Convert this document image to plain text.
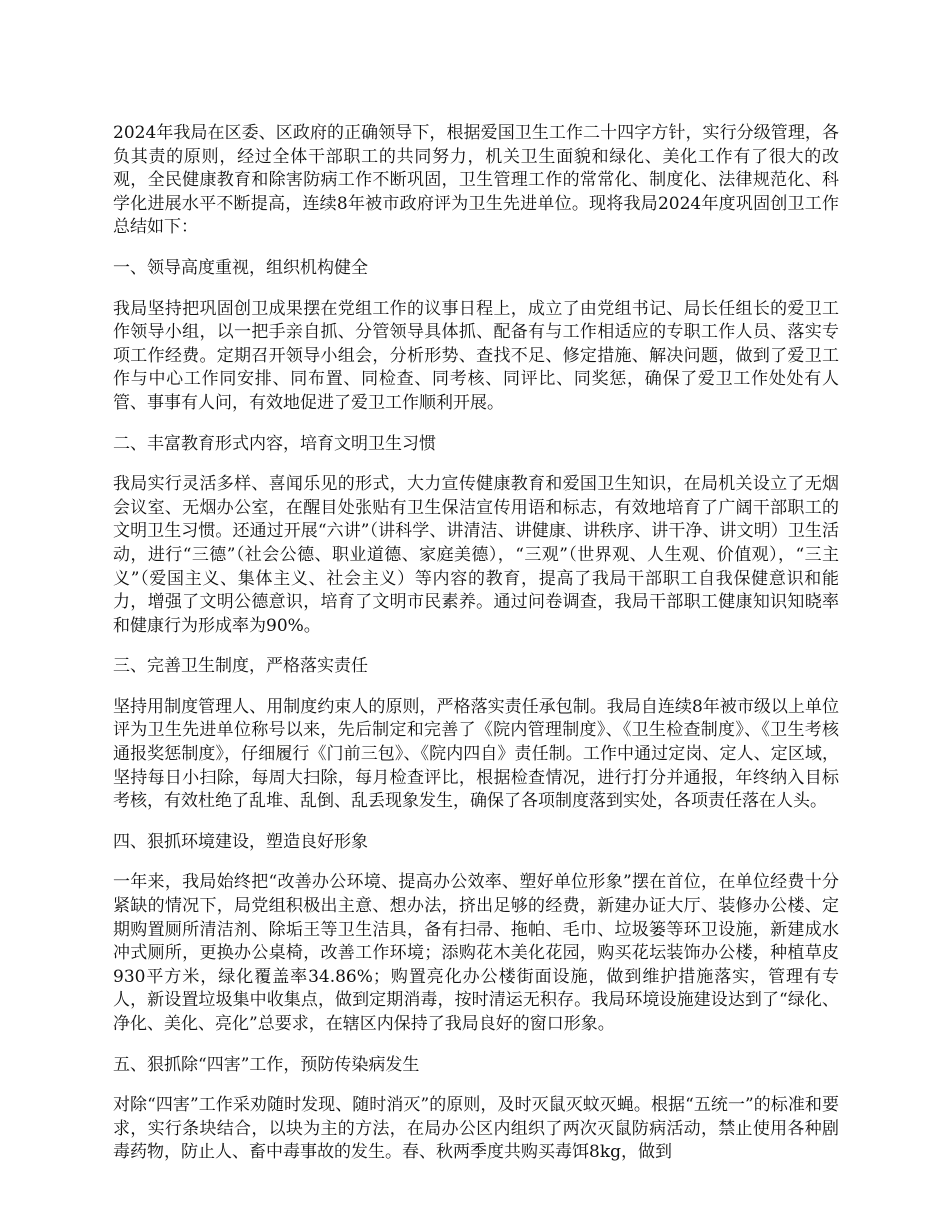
2024年我局在区委、区政府的正确领导下，根据爱国卫生工作二十四字方针，实行分级管理，各负其责的原则，经过全体干部职工的共同努力，机关卫生面貌和绿化、美化工作有了很大的改观，全民健康教育和除害防病工作不断巩固，卫生管理工作的常常化、制度化、法律规范化、科学化进展水平不断提高，连续8年被市政府评为卫生先进单位。现将我局2024年度巩固创卫工作总结如下：

一、领导高度重视，组织机构健全

我局坚持把巩固创卫成果摆在党组工作的议事日程上，成立了由党组书记、局长任组长的爱卫工作领导小组，以一把手亲自抓、分管领导具体抓、配备有与工作相适应的专职工作人员、落实专项工作经费。定期召开领导小组会，分析形势、查找不足、修定措施、解决问题，做到了爱卫工作与中心工作同安排、同布置、同检查、同考核、同评比、同奖惩，确保了爱卫工作处处有人管、事事有人问，有效地促进了爱卫工作顺利开展。

二、丰富教育形式内容，培育文明卫生习惯

我局实行灵活多样、喜闻乐见的形式，大力宣传健康教育和爱国卫生知识，在局机关设立了无烟会议室、无烟办公室，在醒目处张贴有卫生保洁宣传用语和标志，有效地培育了广阔干部职工的文明卫生习惯。还通过开展“六讲”（讲科学、讲清洁、讲健康、讲秩序、讲干净、讲文明）卫生活动，进行“三德”（社会公德、职业道德、家庭美德），“三观”（世界观、人生观、价值观），“三主义”（爱国主义、集体主义、社会主义）等内容的教育，提高了我局干部职工自我保健意识和能力，增强了文明公德意识，培育了文明市民素养。通过问卷调查，我局干部职工健康知识知晓率和健康行为形成率为90%。

三、完善卫生制度，严格落实责任

坚持用制度管理人、用制度约束人的原则，严格落实责任承包制。我局自连续8年被市级以上单位评为卫生先进单位称号以来，先后制定和完善了《院内管理制度》、《卫生检查制度》、《卫生考核通报奖惩制度》，仔细履行《门前三包》、《院内四自》责任制。工作中通过定岗、定人、定区域，坚持每日小扫除，每周大扫除，每月检查评比，根据检查情况，进行打分并通报，年终纳入目标考核，有效杜绝了乱堆、乱倒、乱丢现象发生，确保了各项制度落到实处，各项责任落在人头。

四、狠抓环境建设，塑造良好形象

一年来，我局始终把“改善办公环境、提高办公效率、塑好单位形象”摆在首位，在单位经费十分紧缺的情况下，局党组积极出主意、想办法，挤出足够的经费，新建办证大厅、装修办公楼、定期购置厕所清洁剂、除垢王等卫生洁具，备有扫帚、拖帕、毛巾、垃圾篓等环卫设施，新建成水冲式厕所，更换办公桌椅，改善工作环境；添购花木美化花园，购买花坛装饰办公楼，种植草皮930平方米，绿化覆盖率34.86%；购置亮化办公楼街面设施，做到维护措施落实，管理有专人，新设置垃圾集中收集点，做到定期消毒，按时清运无积存。我局环境设施建设达到了“绿化、净化、美化、亮化”总要求，在辖区内保持了我局良好的窗口形象。

五、狠抓除“四害”工作，预防传染病发生

对除“四害”工作采劝随时发现、随时消灭”的原则，及时灭鼠灭蚊灭蝇。根据“五统一”的标准和要求，实行条块结合，以块为主的方法，在局办公区内组织了两次灭鼠防病活动，禁止使用各种剧毒药物，防止人、畜中毒事故的发生。春、秋两季度共购买毒饵8kg，做到
